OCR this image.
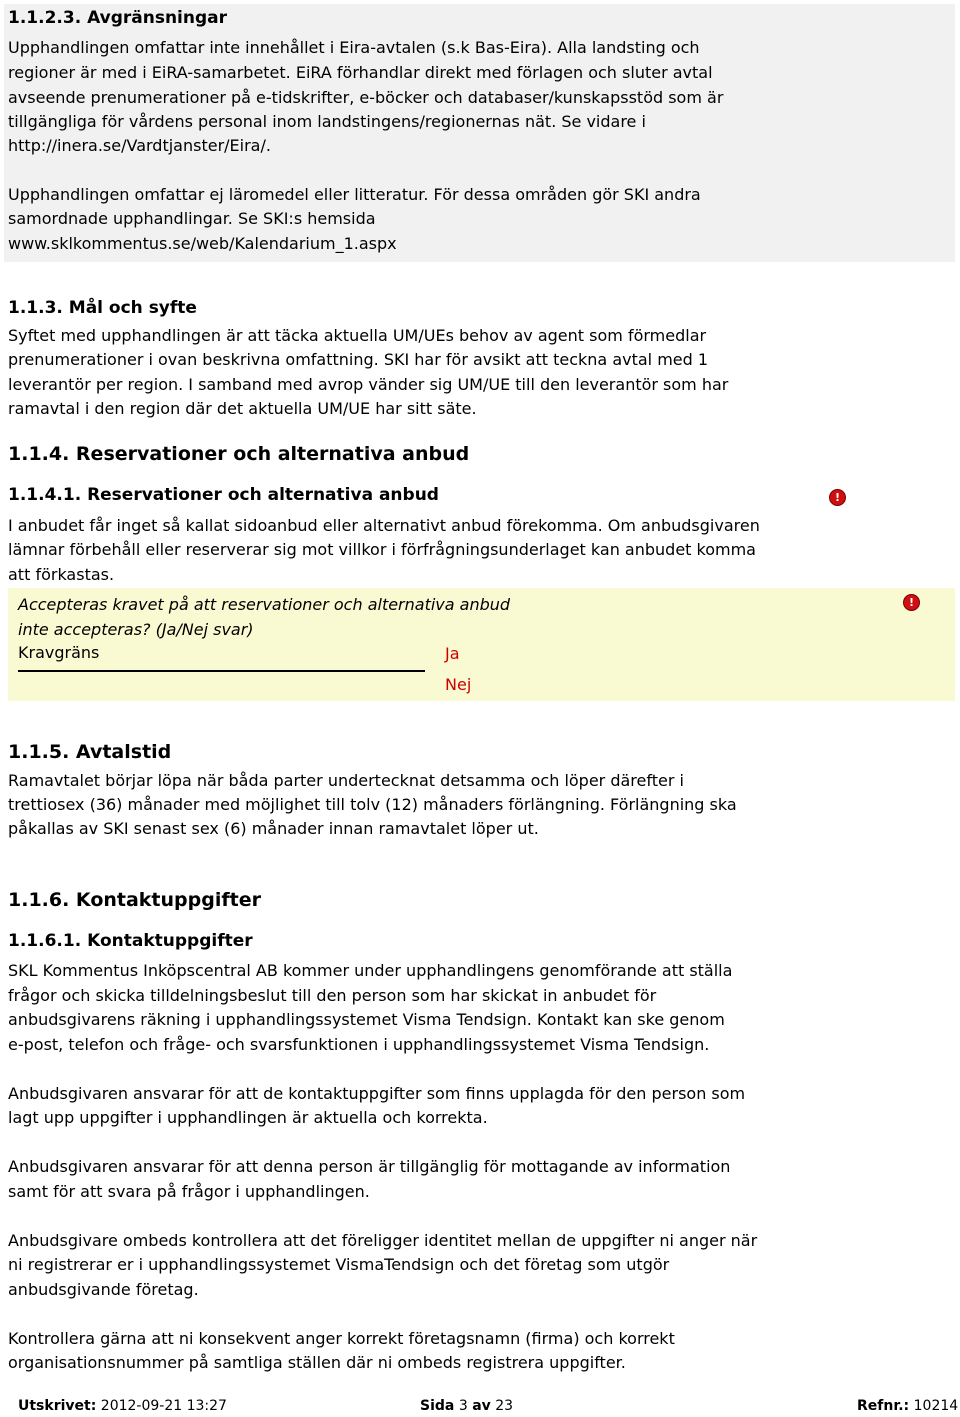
1.1.2.3. Avgränsningar
Upphandlingen omfattar inte innehållet i Eira-avtalen (s.k Bas-Eira). Alla landsting och
regioner är med i EiRA-samarbetet. EiRA förhandlar direkt med förlagen och sluter avtal
avseende prenumerationer på e-tidskrifter, e-böcker och databaser/kunskapsstöd som är
tillgängliga för vårdens personal inom landstingens/regionernas nät. Se vidare i
http://inera.se/Vardtjanster/Eira/.
Upphandlingen omfattar ej läromedel eller litteratur. För dessa områden gör SKI andra
samordnade upphandlingar. Se SKI:s hemsida
www.sklkommentus.se/web/Kalendarium_1.aspx
1.1.3. Mål och syfte
Syftet med upphandlingen är att täcka aktuella UM/UEs behov av agent som förmedlar
prenumerationer i ovan beskrivna omfattning. SKI har för avsikt att teckna avtal med 1
leverantör per region. I samband med avrop vänder sig UM/UE till den leverantör som har
ramavtal i den region där det aktuella UM/UE har sitt säte.
1.1.4. Reservationer och alternativa anbud
1.1.4.1. Reservationer och alternativa anbud	!
I anbudet får inget så kallat sidoanbud eller alternativt anbud förekomma. Om anbudsgivaren
lämnar förbehåll eller reserverar sig mot villkor i förfrågningsunderlaget kan anbudet komma
att förkastas.
Accepteras kravet på att reservationer och alternativa anbud
inte accepteras? (Ja/Nej svar)
Kravgräns	Ja
Nej
!
1.1.5. Avtalstid
Ramavtalet börjar löpa när båda parter undertecknat detsamma och löper därefter i
trettiosex (36) månader med möjlighet till tolv (12) månaders förlängning. Förlängning ska
påkallas av SKI senast sex (6) månader innan ramavtalet löper ut.
1.1.6. Kontaktuppgifter
1.1.6.1. Kontaktuppgifter
SKL Kommentus Inköpscentral AB kommer under upphandlingens genomförande att ställa
frågor och skicka tilldelningsbeslut till den person som har skickat in anbudet för
anbudsgivarens räkning i upphandlingssystemet Visma Tendsign. Kontakt kan ske genom
e-post, telefon och fråge- och svarsfunktionen i upphandlingssystemet Visma Tendsign.
Anbudsgivaren ansvarar för att de kontaktuppgifter som finns upplagda för den person som
lagt upp uppgifter i upphandlingen är aktuella och korrekta.
Anbudsgivaren ansvarar för att denna person är tillgänglig för mottagande av information
samt för att svara på frågor i upphandlingen.
Anbudsgivare ombeds kontrollera att det föreligger identitet mellan de uppgifter ni anger när
ni registrerar er i upphandlingssystemet VismaTendsign och det företag som utgör
anbudsgivande företag.
Kontrollera gärna att ni konsekvent anger korrekt företagsnamn (firma) och korrekt
organisationsnummer på samtliga ställen där ni ombeds registrera uppgifter.
Utskrivet: 2012-09-21 13:27	Sida 3 av 23	Refnr.: 10214
